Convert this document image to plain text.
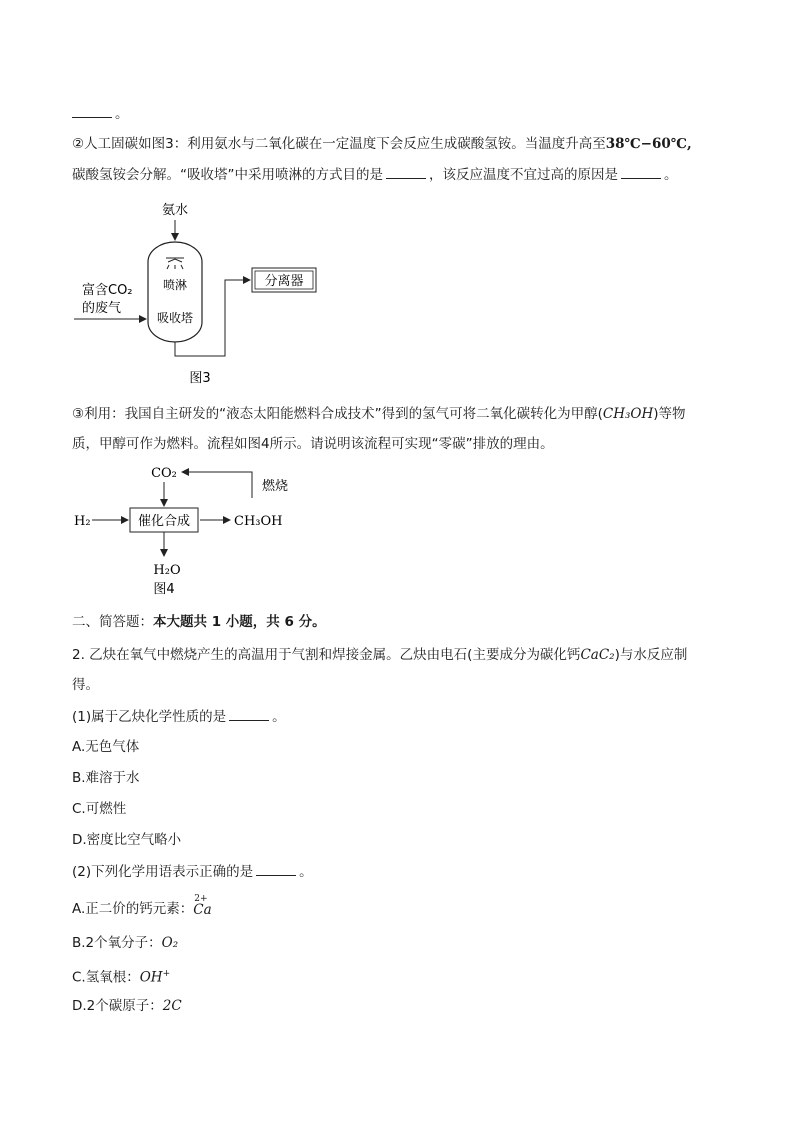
。
②人工固碳如图3：利用氨水与二氧化碳在一定温度下会反应生成碳酸氢铵。当温度升高至38℃−60℃,
碳酸氢铵会分解。“吸收塔”中采用喷淋的方式目的是	，该反应温度不宜过高的原因是	。
氨水
喷淋
吸收塔
富含CO₂
的废气
分离器
图3
③利用：我国自主研发的“液态太阳能燃料合成技术”得到的氢气可将二氧化碳转化为甲醇(CH₃OH)等物
质，甲醇可作为燃料。流程如图4所示。请说明该流程可实现“零碳”排放的理由。
CO₂
燃烧
H₂	催化合成	CH₃OH
H₂O
图4
二、简答题：本大题共 1 小题，共 6 分。
2. 乙炔在氧气中燃烧产生的高温用于气割和焊接金属。乙炔由电石(主要成分为碳化钙CaC₂)与水反应制
得。
(1)属于乙炔化学性质的是	。
A.无色气体
B.难溶于水
C.可燃性
D.密度比空气略小
(2)下列化学用语表示正确的是	。
A.正二价的钙元素：
2+
Ca
B.2个氧分子：O₂
C.氢氧根：OH+
D.2个碳原子：2C
